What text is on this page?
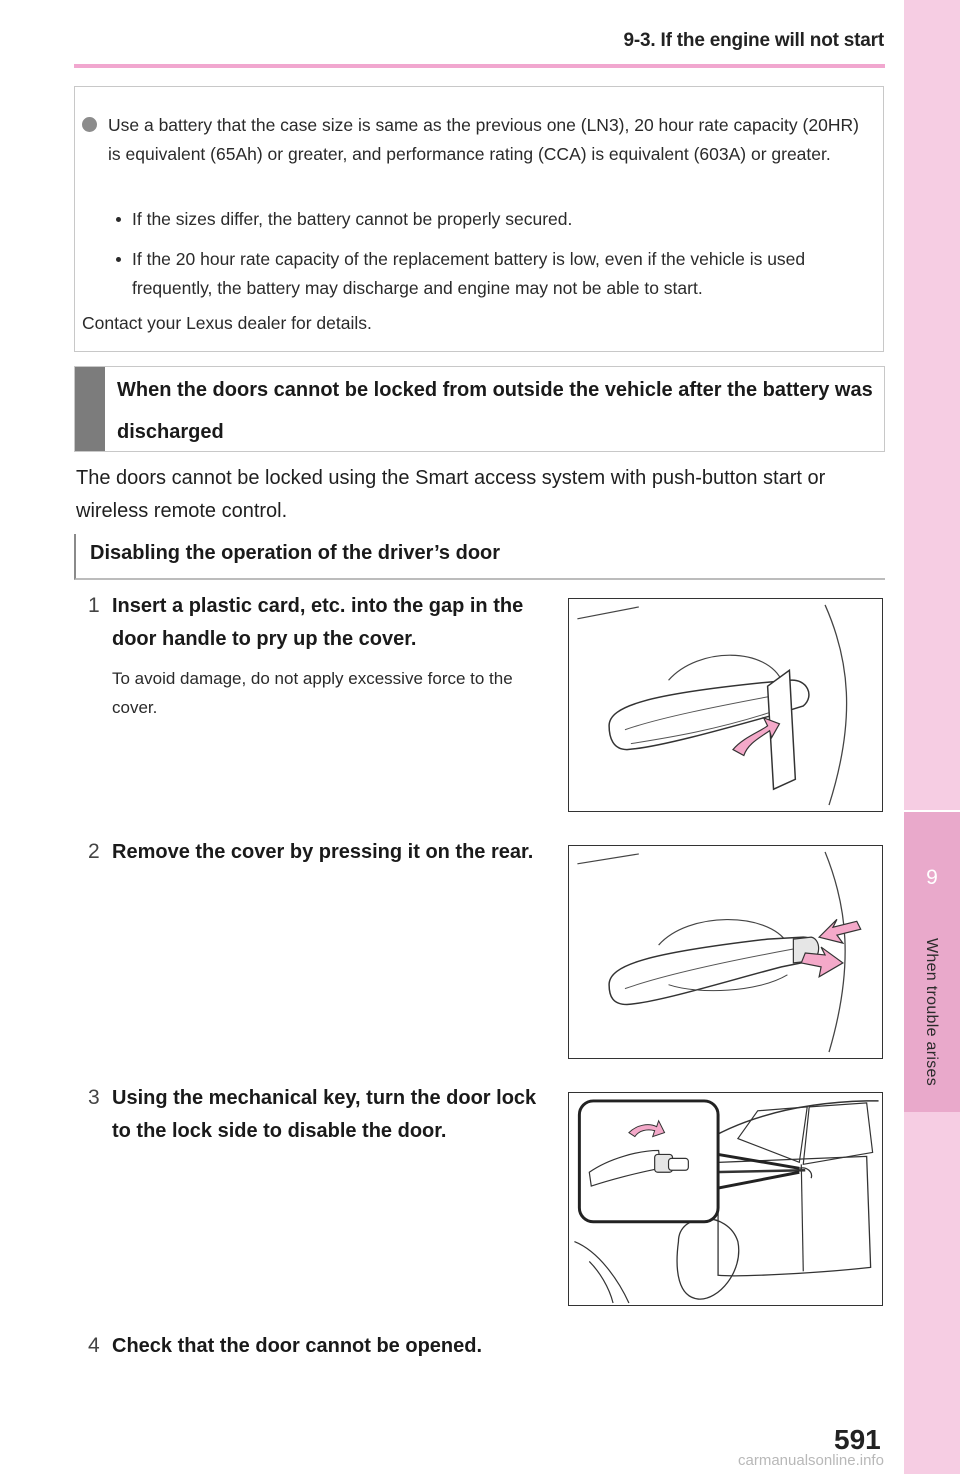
9-3. If the engine will not start
9
When trouble arises
Use a battery that the case size is same as the previous one (LN3), 20 hour rate capacity (20HR) is equivalent (65Ah) or greater, and performance rating (CCA) is equivalent (603A) or greater.
If the sizes differ, the battery cannot be properly secured.
If the 20 hour rate capacity of the replacement battery is low, even if the vehicle is used frequently, the battery may discharge and engine may not be able to start.
Contact your Lexus dealer for details.
When the doors cannot be locked from outside the vehicle after the battery was discharged
The doors cannot be locked using the Smart access system with push-button start or wireless remote control.
Disabling the operation of the driver’s door
1 Insert a plastic card, etc. into the gap in the door handle to pry up the cover.
To avoid damage, do not apply excessive force to the cover.
2 Remove the cover by pressing it on the rear.
3 Using the mechanical key, turn the door lock to the lock side to disable the door.
4 Check that the door cannot be opened.
591
carmanualsonline.info
